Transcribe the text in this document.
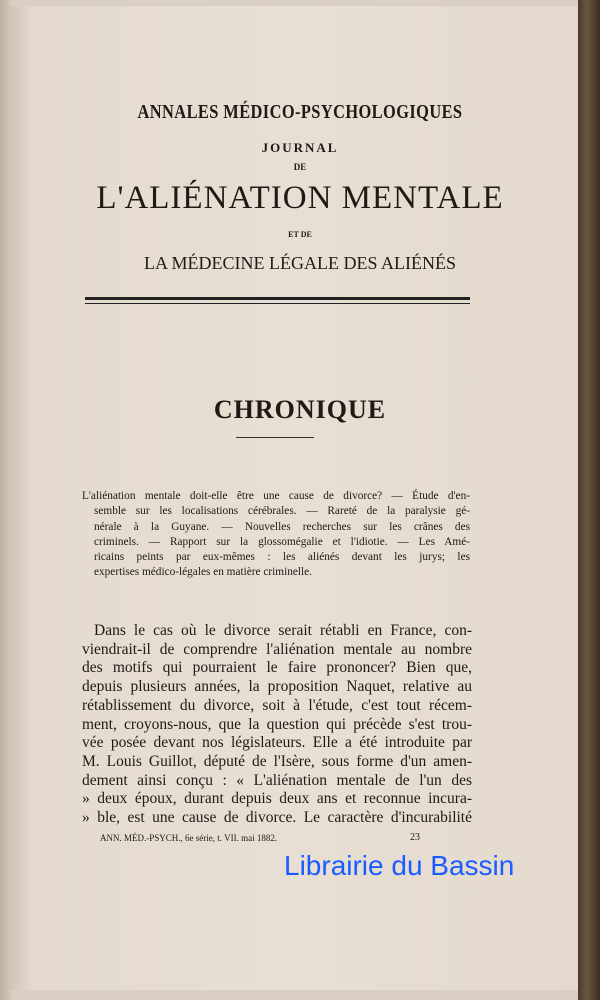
ANNALES MÉDICO-PSYCHOLOGIQUES
JOURNAL
DE
L'ALIÉNATION MENTALE
ET DE
LA MÉDECINE LÉGALE DES ALIÉNÉS
CHRONIQUE
L'aliénation mentale doit-elle être une cause de divorce? — Étude d'en-
semble sur les localisations cérébrales. — Rareté de la paralysie gé-
nérale à la Guyane. — Nouvelles recherches sur les crânes des
criminels. — Rapport sur la glossomégalie et l'idiotie. — Les Amé-
ricains peints par eux-mêmes : les aliénés devant les jurys; les
expertises médico-légales en matière criminelle.
Dans le cas où le divorce serait rétabli en France, con-
viendrait-il de comprendre l'aliénation mentale au nombre
des motifs qui pourraient le faire prononcer? Bien que,
depuis plusieurs années, la proposition Naquet, relative au
rétablissement du divorce, soit à l'étude, c'est tout récem-
ment, croyons-nous, que la question qui précède s'est trou-
vée posée devant nos législateurs. Elle a été introduite par
M. Louis Guillot, député de l'Isère, sous forme d'un amen-
dement ainsi conçu : « L'aliénation mentale de l'un des
» deux époux, durant depuis deux ans et reconnue incura-
» ble, est une cause de divorce. Le caractère d'incurabilité
ANN. MÉD.-PSYCH., 6e série, t. VII. mai 1882.	23
Librairie du Bassin
